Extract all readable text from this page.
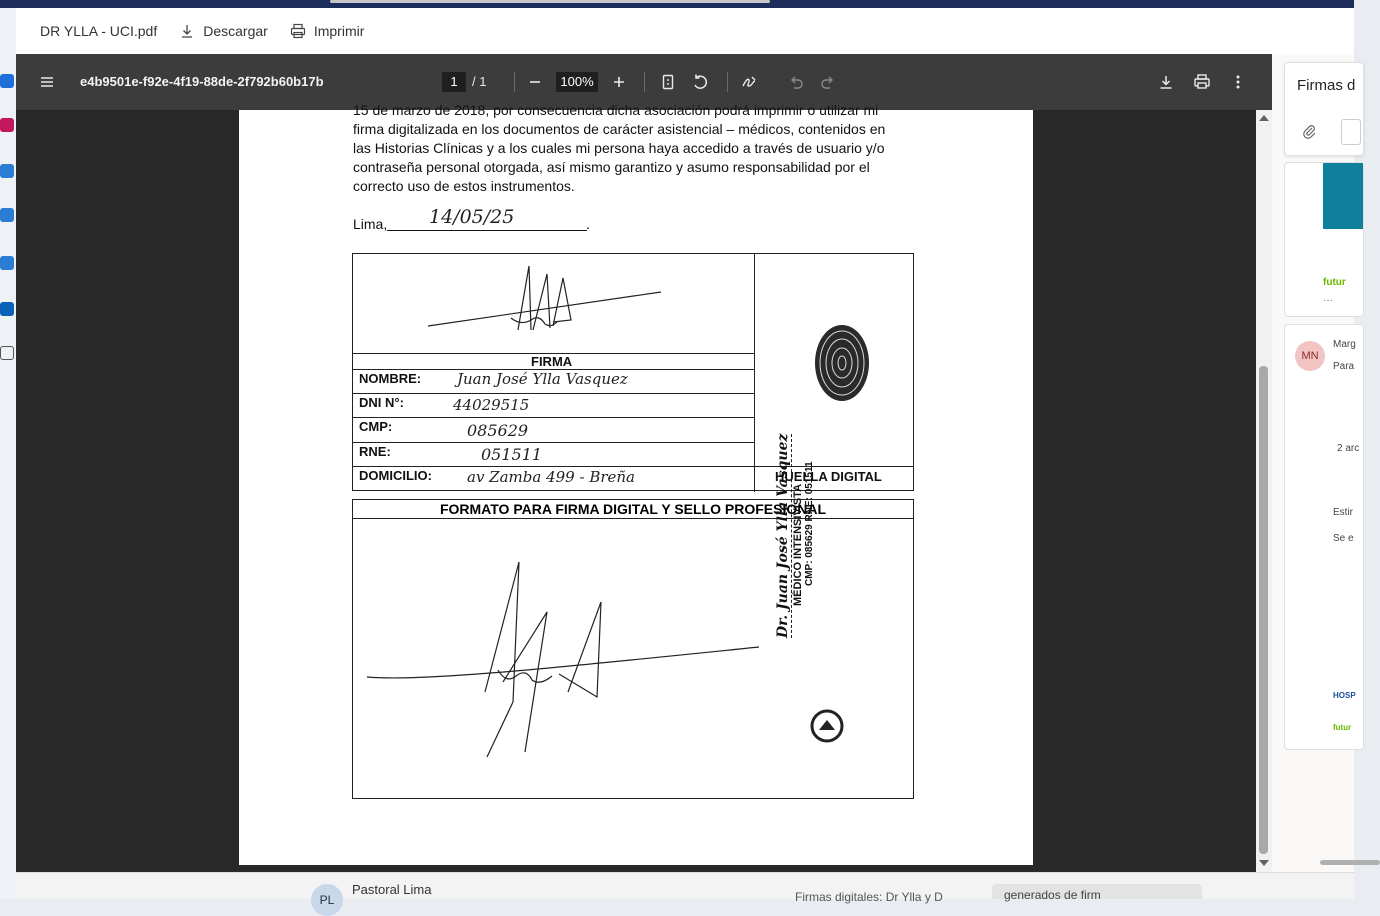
PL
Pastoral Lima	Firmas digitales: Dr Ylla y D	generados de firm
DR YLLA - UCI.pdf	Descargar	Imprimir
e4b9501e-f92e-4f19-88de-2f792b60b17b	1	/ 1	100%
15 de marzo de 2018, por consecuencia dicha asociación podrá imprimir o utilizar mi
firma digitalizada en los documentos de carácter asistencial – médicos, contenidos en
las Historias Clínicas y a los cuales mi persona haya accedido a través de usuario y/o
contraseña personal otorgada, así mismo garantizo y asumo responsabilidad por el
correcto uso de estos instrumentos.
Lima,	.
14/05/25
FIRMA
NOMBRE: Juan José Ylla Vasquez
DNI N°:	44029515
CMP:	085629
RNE:	051511
DOMICILIO: av Zamba 499 - Breña	HUELLA DIGITAL
FORMATO PARA FIRMA DIGITAL Y SELLO PROFESIONAL
Dr. Juan José Ylla Vasquez MÉDICO INTENSIVISTA CMP: 085629 RNE: 051511
Firmas d
futur
···
MN
Marg
Para
2 arc
Estir
Se e
HOSP
futur
